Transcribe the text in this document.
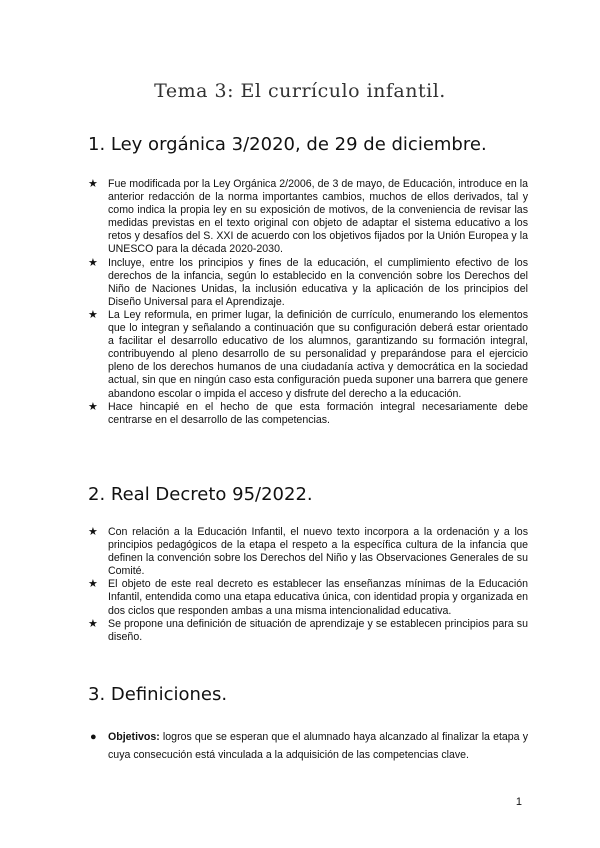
Tema 3: El currículo infantil.
1. Ley orgánica 3/2020, de 29 de diciembre.
★ Fue modificada por la Ley Orgánica 2/2006, de 3 de mayo, de Educación, introduce en la anterior redacción de la norma importantes cambios, muchos de ellos derivados, tal y como indica la propia ley en su exposición de motivos, de la conveniencia de revisar las medidas previstas en el texto original con objeto de adaptar el sistema educativo a los retos y desafíos del S. XXI de acuerdo con los objetivos fijados por la Unión Europea y la UNESCO para la década 2020-2030.
★ Incluye, entre los principios y fines de la educación, el cumplimiento efectivo de los derechos de la infancia, según lo establecido en la convención sobre los Derechos del Niño de Naciones Unidas, la inclusión educativa y la aplicación de los principios del Diseño Universal para el Aprendizaje.
★ La Ley reformula, en primer lugar, la definición de currículo, enumerando los elementos que lo integran y señalando a continuación que su configuración deberá estar orientado a facilitar el desarrollo educativo de los alumnos, garantizando su formación integral, contribuyendo al pleno desarrollo de su personalidad y preparándose para el ejercicio pleno de los derechos humanos de una ciudadanía activa y democrática en la sociedad actual, sin que en ningún caso esta configuración pueda suponer una barrera que genere abandono escolar o impida el acceso y disfrute del derecho a la educación.
★ Hace hincapié en el hecho de que esta formación integral necesariamente debe centrarse en el desarrollo de las competencias.
2. Real Decreto 95/2022.
★ Con relación a la Educación Infantil, el nuevo texto incorpora a la ordenación y a los principios pedagógicos de la etapa el respeto a la específica cultura de la infancia que definen la convención sobre los Derechos del Niño y las Observaciones Generales de su Comité.
★ El objeto de este real decreto es establecer las enseñanzas mínimas de la Educación Infantil, entendida como una etapa educativa única, con identidad propia y organizada en dos ciclos que responden ambas a una misma intencionalidad educativa.
★ Se propone una definición de situación de aprendizaje y se establecen principios para su diseño.
3. Definiciones.
● Objetivos: logros que se esperan que el alumnado haya alcanzado al finalizar la etapa y cuya consecución está vinculada a la adquisición de las competencias clave.
1
